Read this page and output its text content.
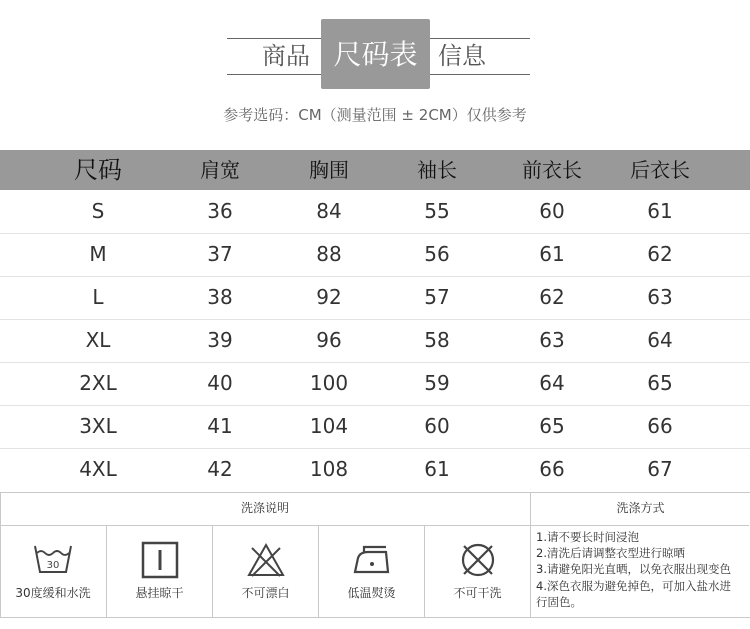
商品 尺码表 信息
参考选码：CM（测量范围 ± 2CM）仅供参考
尺码	肩宽	胸围	袖长	前衣长	后衣长
S	36	84	55	60	61
M	37	88	56	61	62
L	38	92	57	62	63
XL	39	96	58	63	64
2XL	40	100	59	64	65
3XL	41	104	60	65	66
4XL	42	108	61	66	67
洗涤说明	洗涤方式
30
30度缓和水洗	悬挂晾干	不可漂白	低温熨烫	不可干洗
1.请不要长时间浸泡
2.清洗后请调整衣型进行晾晒
3.请避免阳光直晒，以免衣服出现变色
4.深色衣服为避免掉色，可加入盐水进
行固色。
